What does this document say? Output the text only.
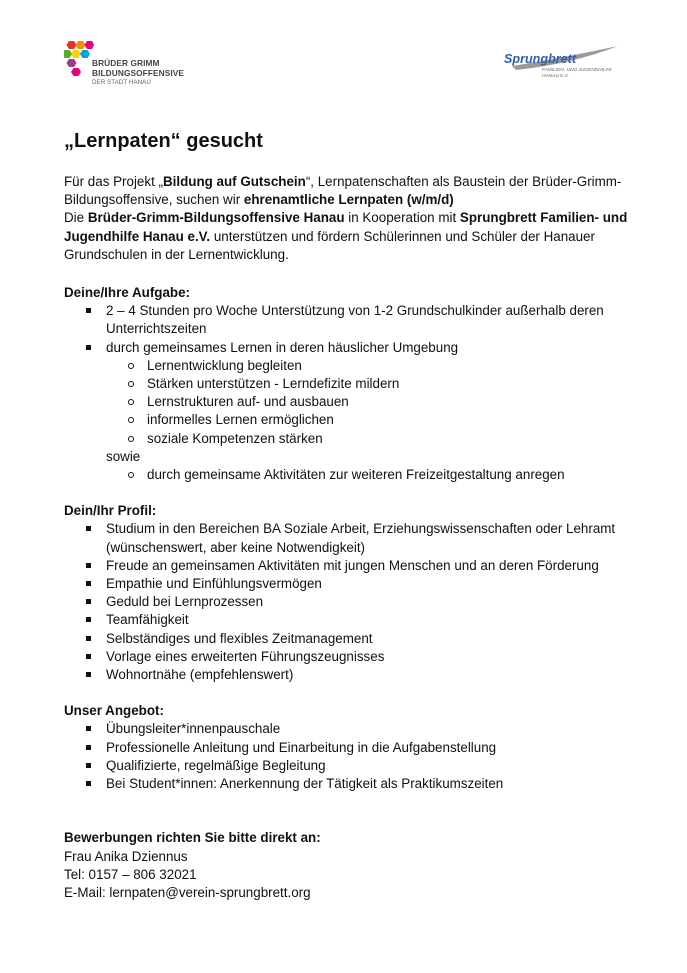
BRÜDER GRIMM
BILDUNGSOFFENSIVE
DER STADT HANAU
Sprungbrett
FAMILIEN- UND JUGENDHILFE HANAU E.V.
„Lernpaten“ gesucht

Für das Projekt „Bildung auf Gutschein“, Lernpatenschaften als Baustein der Brüder-Grimm-Bildungsoffensive, suchen wir ehrenamtliche Lernpaten (w/m/d)

Die Brüder-Grimm-Bildungsoffensive Hanau in Kooperation mit Sprungbrett Familien- und Jugendhilfe Hanau e.V. unterstützen und fördern Schülerinnen und Schüler der Hanauer Grundschulen in der Lernentwicklung.

Deine/Ihre Aufgabe:

2 – 4 Stunden pro Woche Unterstützung von 1-2 Grundschulkinder außerhalb deren Unterrichtszeiten
durch gemeinsames Lernen in deren häuslicher Umgebung
Lernentwicklung begleiten
Stärken unterstützen - Lerndefizite mildern
Lernstrukturen auf- und ausbauen
informelles Lernen ermöglichen
soziale Kompetenzen stärken

sowie

durch gemeinsame Aktivitäten zur weiteren Freizeitgestaltung anregen

Dein/Ihr Profil:

Studium in den Bereichen BA Soziale Arbeit, Erziehungswissenschaften oder Lehramt (wünschenswert, aber keine Notwendigkeit)
Freude an gemeinsamen Aktivitäten mit jungen Menschen und an deren Förderung
Empathie und Einfühlungsvermögen
Geduld bei Lernprozessen
Teamfähigkeit
Selbständiges und flexibles Zeitmanagement
Vorlage eines erweiterten Führungszeugnisses
Wohnortnähe (empfehlenswert)

Unser Angebot:

Übungsleiter*innenpauschale
Professionelle Anleitung und Einarbeitung in die Aufgabenstellung
Qualifizierte, regelmäßige Begleitung
Bei Student*innen: Anerkennung der Tätigkeit als Praktikumszeiten

Bewerbungen richten Sie bitte direkt an:

Frau Anika Dziennus

Tel: 0157 – 806 32021

E-Mail: lernpaten@verein-sprungbrett.org
